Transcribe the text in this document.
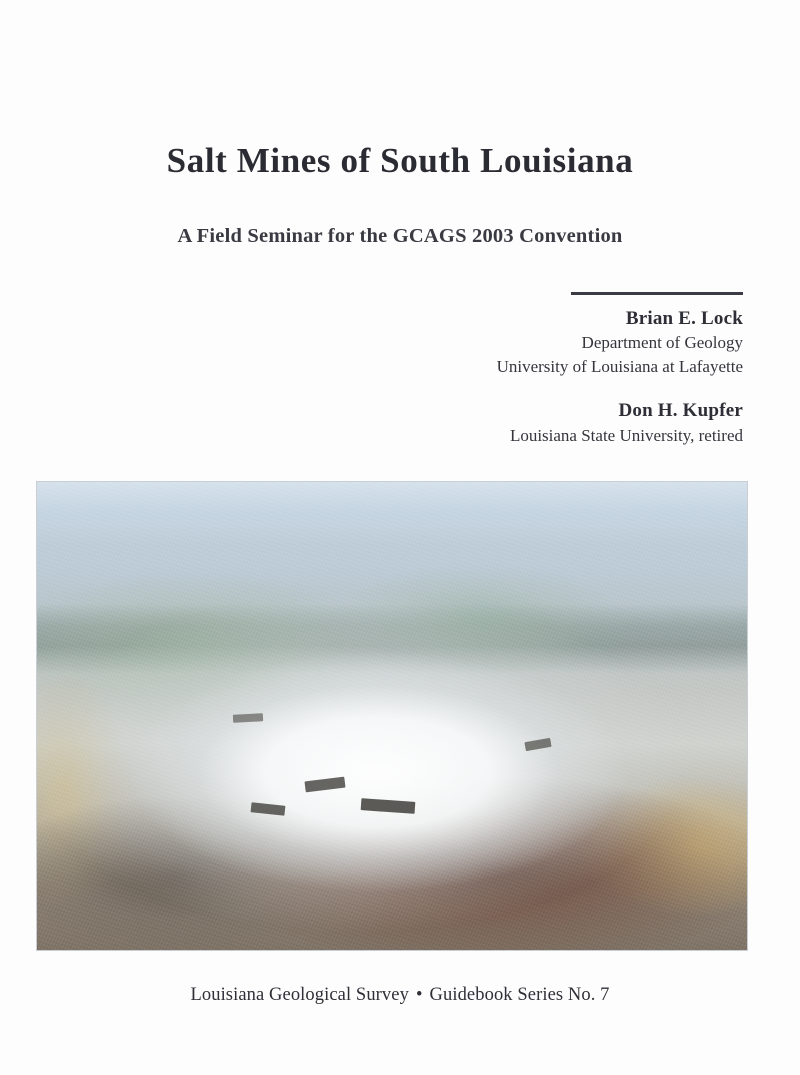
Salt Mines of South Louisiana
A Field Seminar for the GCAGS 2003 Convention
Brian E. Lock
Department of Geology
University of Louisiana at Lafayette
Don H. Kupfer
Louisiana State University, retired
Louisiana Geological Survey • Guidebook Series No. 7
